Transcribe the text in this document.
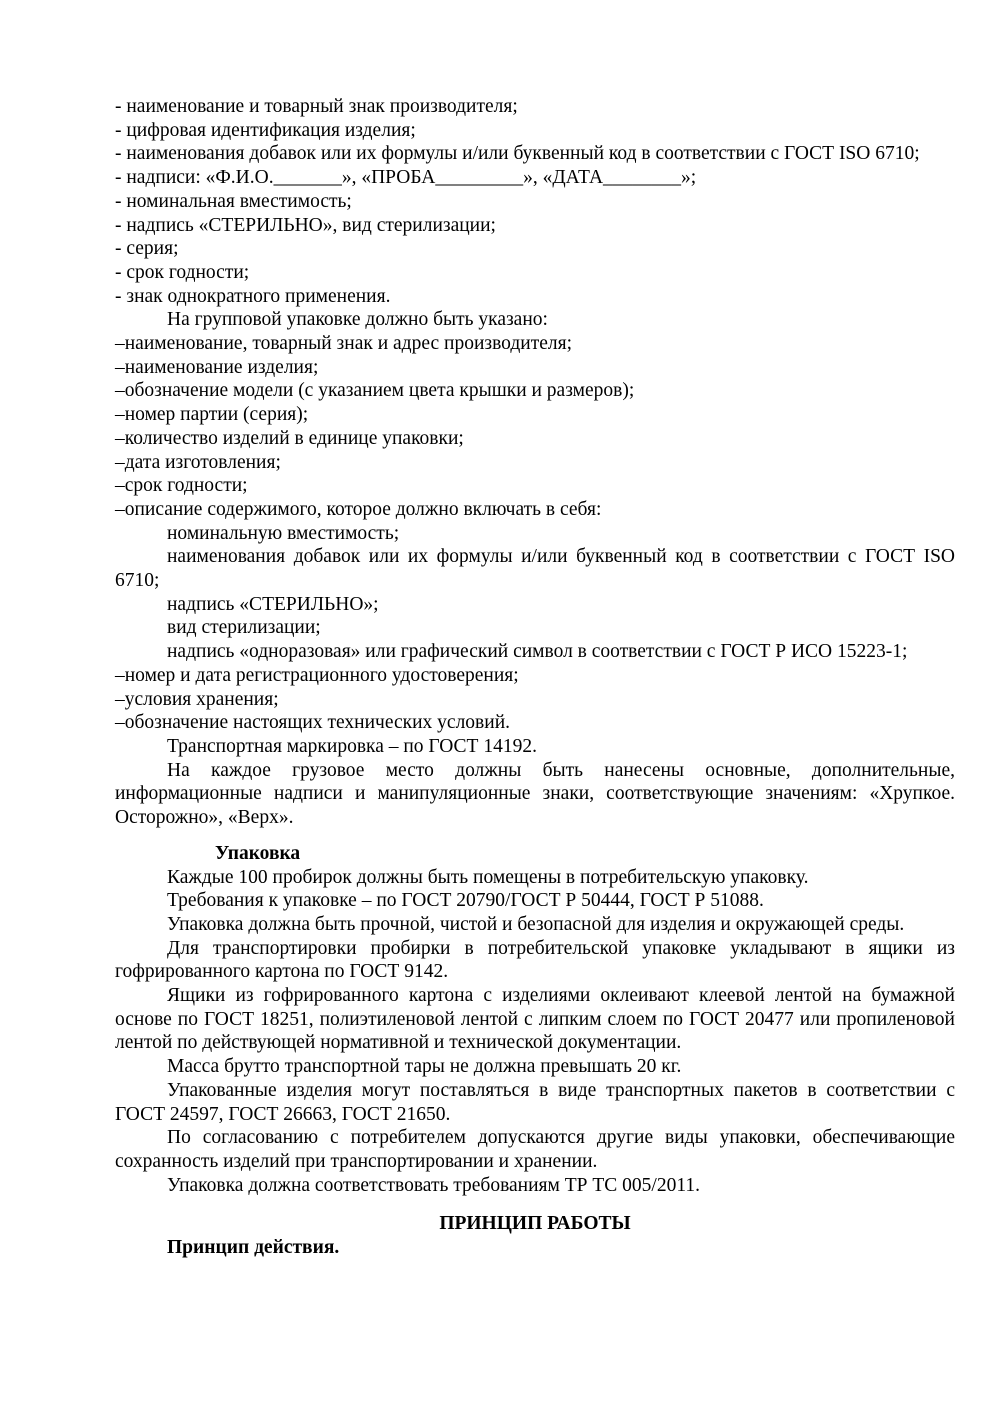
- наименование и товарный знак производителя;

- цифровая идентификация изделия;

- наименования добавок или их формулы и/или буквенный код в соответствии с ГОСТ ISO 6710;

- надписи: «Ф.И.О._______», «ПРОБА_________», «ДАТА________»;

- номинальная вместимость;

- надпись «СТЕРИЛЬНО», вид стерилизации;

- серия;

- срок годности;

- знак однократного применения.

На групповой упаковке должно быть указано:

–наименование, товарный знак и адрес производителя;

–наименование изделия;

–обозначение модели (с указанием цвета крышки и размеров);

–номер партии (серия);

–количество изделий в единице упаковки;

–дата изготовления;

–срок годности;

–описание содержимого, которое должно включать в себя:

номинальную вместимость;

наименования добавок или их формулы и/или буквенный код в соответствии с ГОСТ ISO 6710;

надпись «СТЕРИЛЬНО»;

вид стерилизации;

надпись «одноразовая» или графический символ в соответствии с ГОСТ Р ИСО 15223-1;

–номер и дата регистрационного удостоверения;

–условия хранения;

–обозначение настоящих технических условий.

Транспортная маркировка – по ГОСТ 14192.

На каждое грузовое место должны быть нанесены основные, дополнительные, информационные надписи и манипуляционные знаки, соответствующие значениям: «Хрупкое. Осторожно», «Верх».

Упаковка

Каждые 100 пробирок должны быть помещены в потребительскую упаковку.

Требования к упаковке – по ГОСТ 20790/ГОСТ Р 50444, ГОСТ Р 51088.

Упаковка должна быть прочной, чистой и безопасной для изделия и окружающей среды.

Для транспортировки пробирки в потребительской упаковке укладывают в ящики из гофрированного картона по ГОСТ 9142.

Ящики из гофрированного картона с изделиями оклеивают клеевой лентой на бумажной основе по ГОСТ 18251, полиэтиленовой лентой с липким слоем по ГОСТ 20477 или пропиленовой лентой по действующей нормативной и технической документации.

Масса брутто транспортной тары не должна превышать 20 кг.

Упакованные изделия могут поставляться в виде транспортных пакетов в соответствии с ГОСТ 24597, ГОСТ 26663, ГОСТ 21650.

По согласованию с потребителем допускаются другие виды упаковки, обеспечивающие сохранность изделий при транспортировании и хранении.

Упаковка должна соответствовать требованиям ТР ТС 005/2011.

ПРИНЦИП РАБОТЫ

Принцип действия.
